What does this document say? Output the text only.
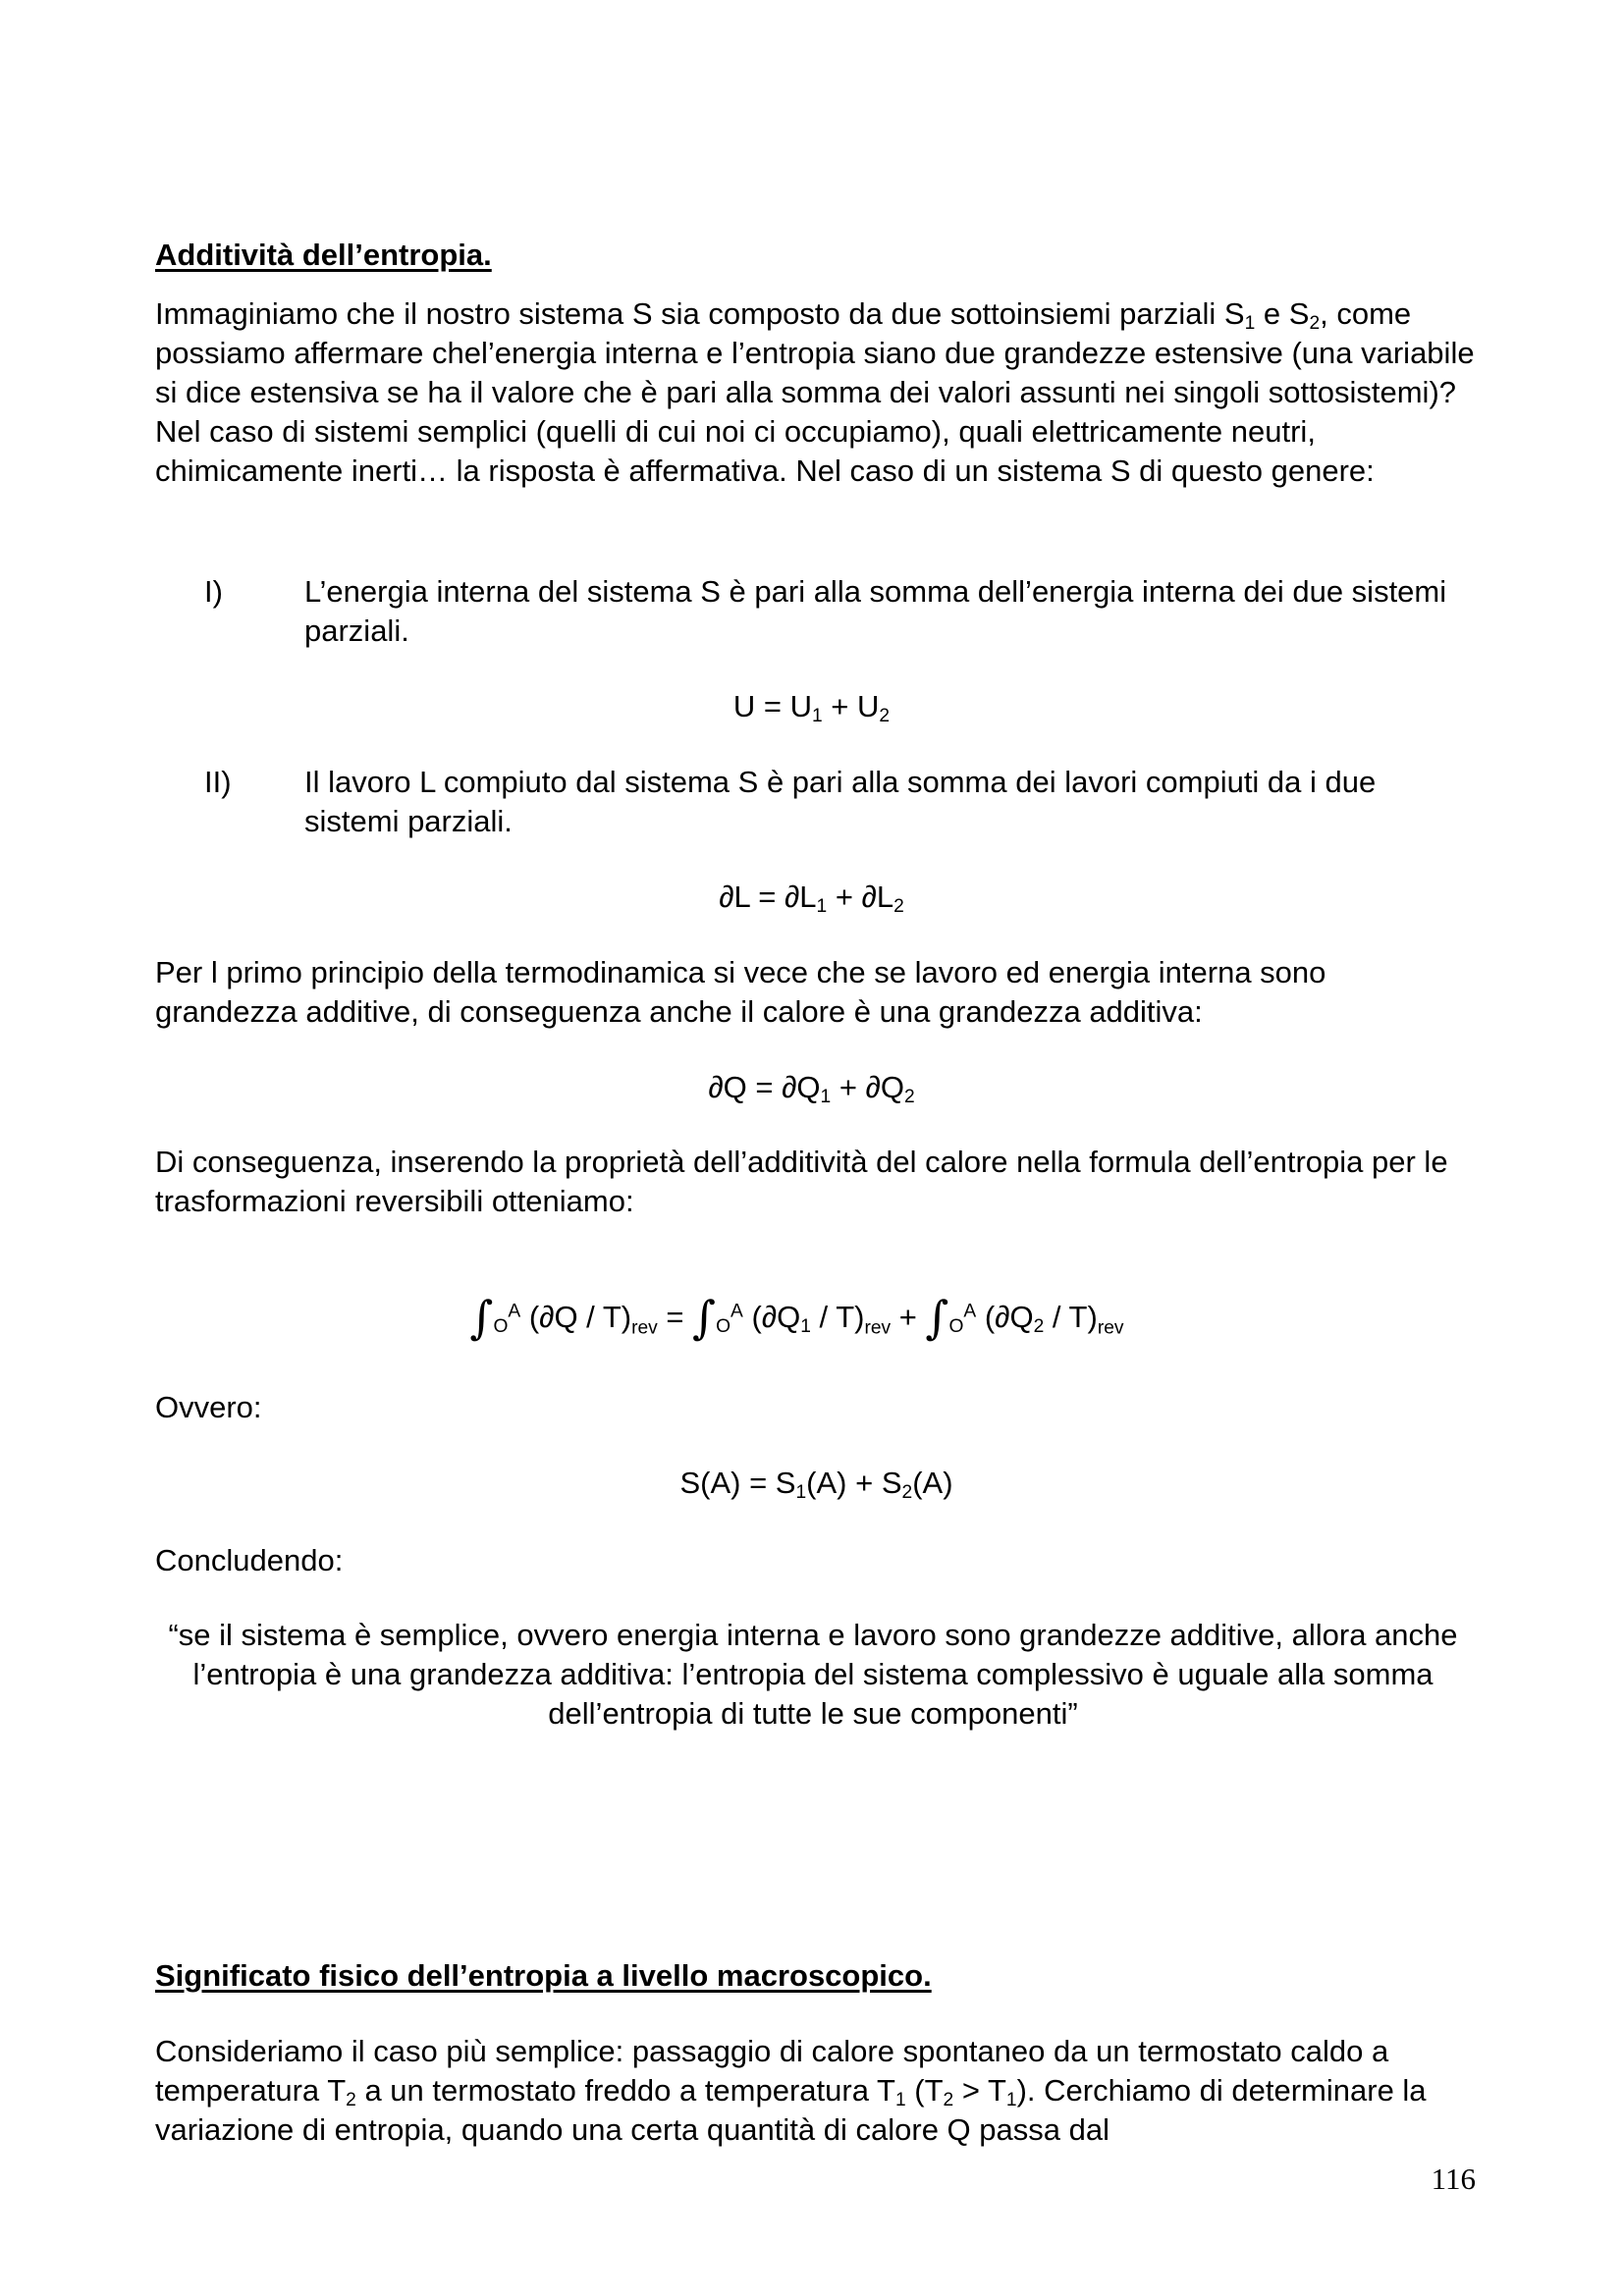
Additività dell’entropia.

Immaginiamo che il nostro sistema S sia composto da due sottoinsiemi parziali $S_1$ e $S_2$, come possiamo affermare chel’energia interna e l’entropia siano due grandezze estensive (una variabile si dice estensiva se ha il valore che è pari alla somma dei valori assunti nei singoli sottosistemi)? Nel caso di sistemi semplici (quelli di cui noi ci occupiamo), quali elettricamente neutri, chimicamente inerti… la risposta è affermativa. Nel caso di un sistema S di questo genere:

I)	L’energia interna del sistema S è pari alla somma dell’energia interna dei due sistemi parziali.
$U = U_1 + U_2$
II) Il lavoro L compiuto dal sistema S è pari alla somma dei lavori compiuti da i due sistemi parziali.
$\partial L = \partial L_1 + \partial L_2$

Per l primo principio della termodinamica si vece che se lavoro ed energia interna sono grandezza additive, di conseguenza anche il calore è una grandezza additiva:

$\partial Q = \partial Q_1 + \partial Q_2$

Di conseguenza, inserendo la proprietà dell’additività del calore nella formula dell’entropia per le trasformazioni reversibili otteniamo:

$\int_O^A$ $(\partial Q / T)_{rev} = \int_O^A$ $(\partial Q_1 / T)_{rev} + \int_O^A$ $(\partial Q_2 / T)_{rev}$
Ovvero:
$S(A) = S_1(A) + S_2(A)$
Concludendo:
“se il sistema è semplice, ovvero energia interna e lavoro sono grandezze additive, allora anche l’entropia è una grandezza additiva: l’entropia del sistema complessivo è uguale alla somma dell’entropia di tutte le sue componenti”
Significato fisico dell’entropia a livello macroscopico.

Consideriamo il caso più semplice: passaggio di calore spontaneo da un termostato caldo a temperatura $T_2$ a un termostato freddo a temperatura $T_1$ $(T_2 > T_1)$. Cerchiamo di determinare la variazione di entropia, quando una certa quantità di calore Q passa dal

116
